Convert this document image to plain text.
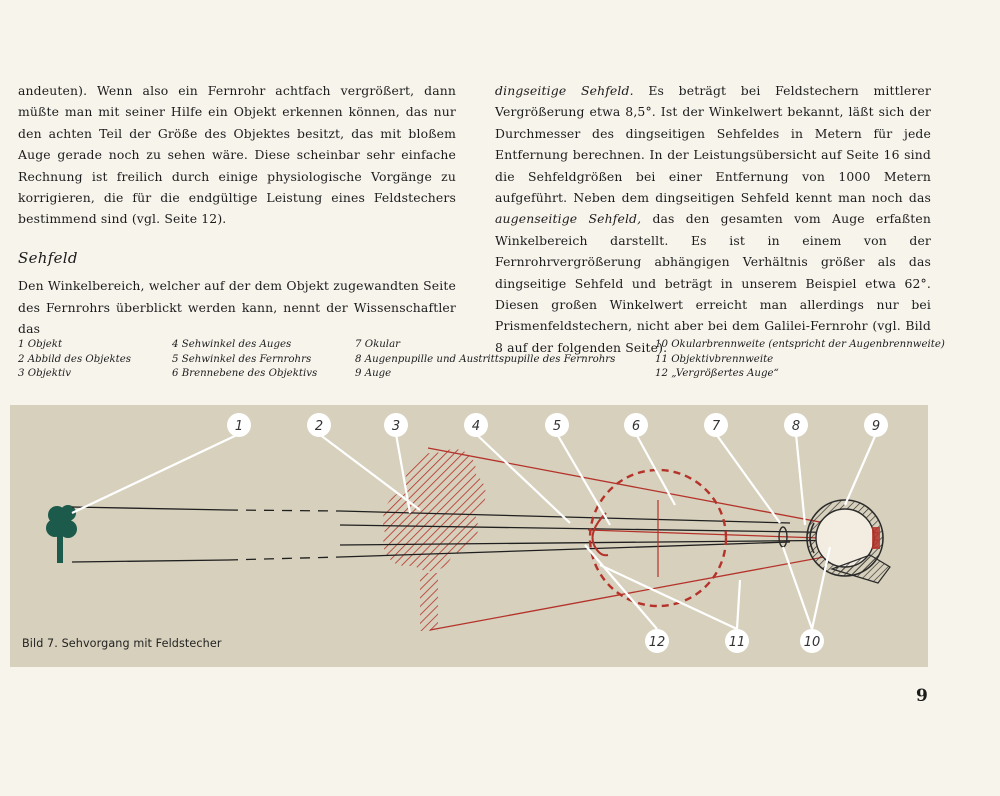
andeuten). Wenn also ein Fernrohr achtfach vergrößert, dann müßte man mit seiner Hilfe ein Objekt erkennen können, das nur den achten Teil der Größe des Objektes besitzt, das mit bloßem Auge gerade noch zu sehen wäre. Diese scheinbar sehr einfache Rechnung ist freilich durch einige physiologische Vorgänge zu korrigieren, die für die endgültige Leistung eines Feldstechers bestimmend sind (vgl. Seite 12).

Sehfeld

Den Winkelbereich, welcher auf der dem Objekt zugewandten Seite des Fernrohrs überblickt werden kann, nennt der Wissenschaftler das

dingseitige Sehfeld. Es beträgt bei Feldstechern mittlerer Vergrößerung etwa 8,5°. Ist der Winkelwert bekannt, läßt sich der Durchmesser des dingseitigen Sehfeldes in Metern für jede Entfernung berechnen. In der Leistungsübersicht auf Seite 16 sind die Sehfeldgrößen bei einer Entfernung von 1000 Metern aufgeführt. Neben dem dingseitigen Sehfeld kennt man noch das augenseitige Sehfeld, das den gesamten vom Auge erfaßten Winkelbereich darstellt. Es ist in einem von der Fernrohrvergrößerung abhängigen Verhältnis größer als das dingseitige Sehfeld und beträgt in unserem Beispiel etwa 62°. Diesen großen Winkelwert erreicht man allerdings nur bei Prismenfeldstechern, nicht aber bei dem Galilei-Fernrohr (vgl. Bild 8 auf der folgenden Seite).

1 Objekt
2 Abbild des Objektes
3 Objektiv
4 Sehwinkel des Auges
5 Sehwinkel des Fernrohrs
6 Brennebene des Objektivs
7 Okular
8 Augenpupille und Austrittspupille des Fernrohrs
9 Auge
10 Okularbrennweite (entspricht der Augenbrennweite)
11 Objektivbrennweite
12 „Vergrößertes Auge“
1	2	3	4	5	6	7	8	9
12	11	10
Bild 7. Sehvorgang mit Feldstecher
9
